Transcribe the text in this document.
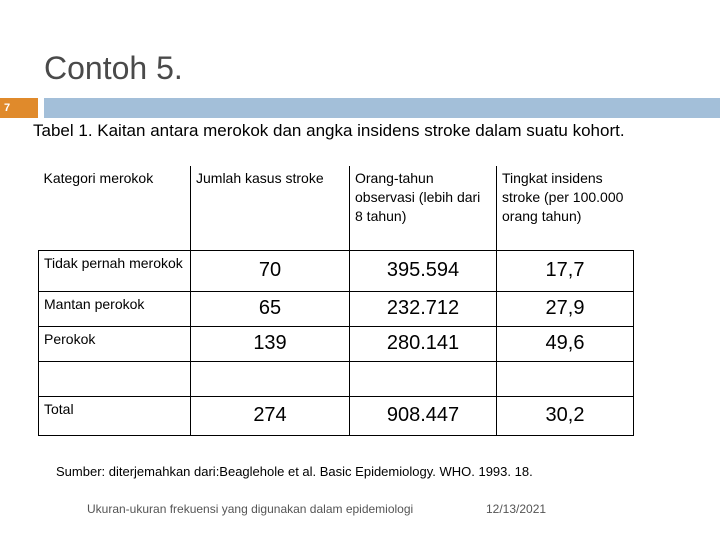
Contoh 5.
7
Tabel 1. Kaitan antara merokok dan angka insidens stroke dalam suatu kohort.
Kategori merokok	Jumlah kasus stroke	Orang-tahun observasi (lebih dari 8 tahun)	Tingkat insidens stroke (per 100.000 orang tahun)
Tidak pernah merokok	70	395.594	17,7
Mantan perokok	65	232.712	27,9
Perokok	139	280.141	49,6

Total	274	908.447	30,2
Sumber: diterjemahkan dari:Beaglehole et al. Basic Epidemiology. WHO. 1993. 18.
Ukuran-ukuran frekuensi yang digunakan dalam epidemiologi	12/13/2021
